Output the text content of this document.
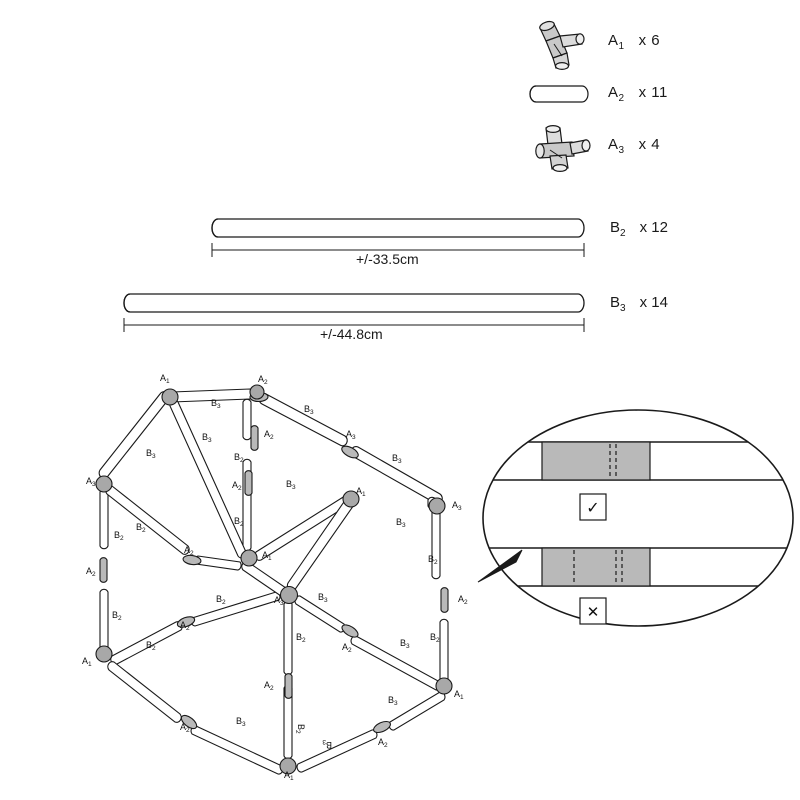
$A_1$ x 6
$A_2$ x 11
$A_3$ x 4
$B_2$ x 12
+/-33.5cm
$B_3$ x 14
+/-44.8cm
✓
✕
$A_1$	$A_2$
$B_3$
$B_3$
$B_3$
$A_2$	$A_3$
$B_3$	$B_2$	$B_3$
$A_3$	$A_2$	$B_3$	$A_1$
$A_3$
$B_3$
$B_2$
$B_2$
$B_2$
$A_2$	$A_1$	$B_2$
$A_2$
$A_3$
$B_3$	$A_2$
$B_2$
$B_2$
$A_2$
$B_2$
$B_2$
$A_2$
$B_3$
$B_2$
$A_1$
$A_2$
$A_1$
$B_3$
$B_3$
$A_2$	$B_2$
$B_3$	$A_2$
$A_1$
